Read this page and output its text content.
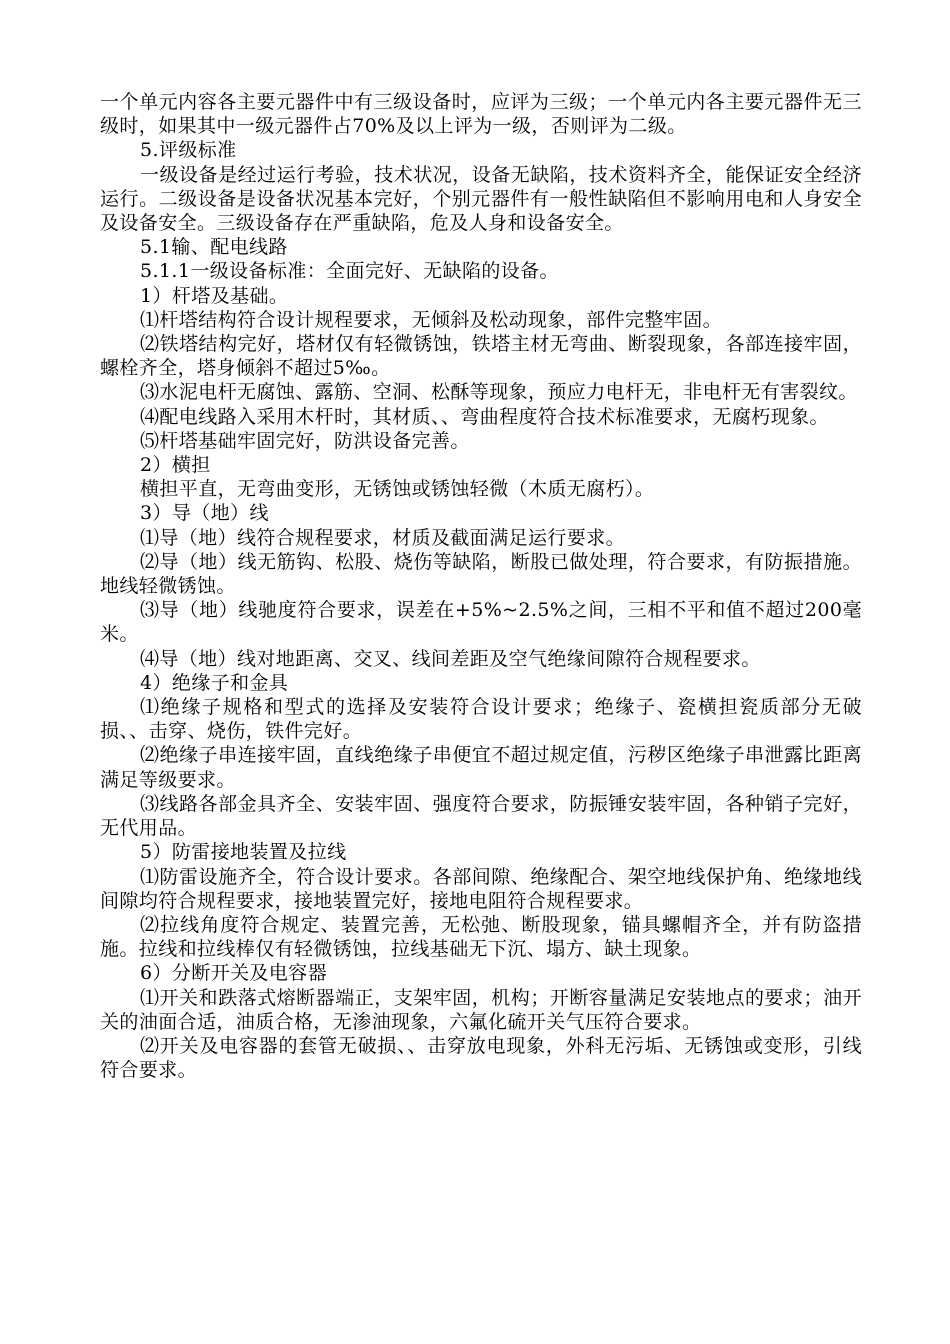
一个单元内容各主要元器件中有三级设备时，应评为三级；一个单元内各主要元器件无三级时，如果其中一级元器件占70%及以上评为一级，否则评为二级。

5.评级标准

一级设备是经过运行考验，技术状况，设备无缺陷，技术资料齐全，能保证安全经济运行。二级设备是设备状况基本完好，个别元器件有一般性缺陷但不影响用电和人身安全及设备安全。三级设备存在严重缺陷，危及人身和设备安全。

5.1输、配电线路

5.1.1一级设备标准：全面完好、无缺陷的设备。

1）杆塔及基础。

⑴杆塔结构符合设计规程要求，无倾斜及松动现象，部件完整牢固。

⑵铁塔结构完好，塔材仅有轻微锈蚀，铁塔主材无弯曲、断裂现象，各部连接牢固，螺栓齐全，塔身倾斜不超过5‰。

⑶水泥电杆无腐蚀、露筋、空洞、松酥等现象，预应力电杆无，非电杆无有害裂纹。

⑷配电线路入采用木杆时，其材质、、弯曲程度符合技术标准要求，无腐朽现象。

⑸杆塔基础牢固完好，防洪设备完善。

2）横担

横担平直，无弯曲变形，无锈蚀或锈蚀轻微（木质无腐朽）。

3）导（地）线

⑴导（地）线符合规程要求，材质及截面满足运行要求。

⑵导（地）线无筋钩、松股、烧伤等缺陷，断股已做处理，符合要求，有防振措施。地线轻微锈蚀。

⑶导（地）线驰度符合要求，误差在+5%~2.5%之间，三相不平和值不超过200毫米。

⑷导（地）线对地距离、交叉、线间差距及空气绝缘间隙符合规程要求。

4）绝缘子和金具

⑴绝缘子规格和型式的选择及安装符合设计要求；绝缘子、瓷横担瓷质部分无破损、、击穿、烧伤，铁件完好。

⑵绝缘子串连接牢固，直线绝缘子串便宜不超过规定值，污秽区绝缘子串泄露比距离满足等级要求。

⑶线路各部金具齐全、安装牢固、强度符合要求，防振锤安装牢固，各种销子完好，无代用品。

5）防雷接地装置及拉线

⑴防雷设施齐全，符合设计要求。各部间隙、绝缘配合、架空地线保护角、绝缘地线间隙均符合规程要求，接地装置完好，接地电阻符合规程要求。

⑵拉线角度符合规定、装置完善，无松弛、断股现象，锚具螺帽齐全，并有防盗措施。拉线和拉线棒仅有轻微锈蚀，拉线基础无下沉、塌方、缺土现象。

6）分断开关及电容器

⑴开关和跌落式熔断器端正，支架牢固，机构；开断容量满足安装地点的要求；油开关的油面合适，油质合格，无渗油现象，六氟化硫开关气压符合要求。

⑵开关及电容器的套管无破损、、击穿放电现象，外科无污垢、无锈蚀或变形，引线符合要求。
